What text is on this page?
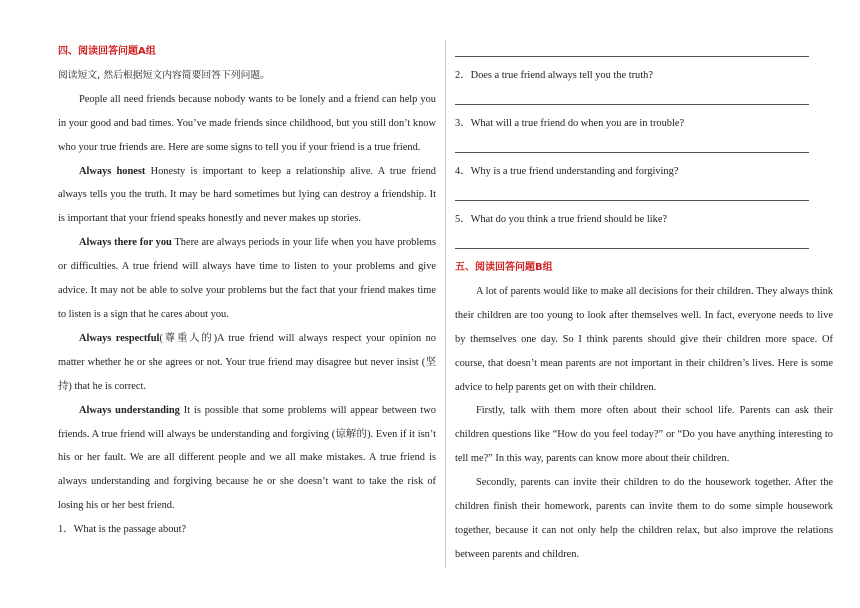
四、阅读回答问题A组

阅读短文, 然后根据短文内容简要回答下列问题。

People all need friends because nobody wants to be lonely and a friend can help you in your good and bad times. You’ve made friends since childhood, but you still don’t know who your true friends are. Here are some signs to tell you if your friend is a true friend.

Always honest Honesty is important to keep a relationship alive. A true friend always tells you the truth. It may be hard sometimes but lying can destroy a friendship. It is important that your friend speaks honestly and never makes up stories.

Always there for you There are always periods in your life when you have problems or difficulties. A true friend will always have time to listen to your problems and give advice. It may not be able to solve your problems but the fact that your friend makes time to listen is a sign that he cares about you.

Always respectful(尊重人的)A true friend will always respect your opinion no matter whether he or she agrees or not. Your true friend may disagree but never insist (坚持) that he is correct.

Always understanding It is possible that some problems will appear between two friends. A true friend will always be understanding and forgiving (谅解的). Even if it isn’t his or her fault. We are all different people and we all make mistakes. A true friend is always understanding and forgiving because he or she doesn’t want to take the risk of losing his or her best friend.

1．What is the passage about?

2．Does a true friend always tell you the truth?
3．What will a true friend do when you are in trouble?
4．Why is a true friend understanding and forgiving?
5．What do you think a true friend should be like?
五、阅读回答问题B组

A lot of parents would like to make all decisions for their children. They always think their children are too young to look after themselves well. In fact, everyone needs to live by themselves one day. So I think parents should give their children more space. Of course, that doesn’t mean parents are not important in their children’s lives. Here is some advice to help parents get on with their children.

Firstly, talk with them more often about their school life. Parents can ask their children questions like “How do you feel today?” or “Do you have anything interesting to tell me?” In this way, parents can know more about their children.

Secondly, parents can invite their children to do the housework together. After the children finish their homework, parents can invite them to do some simple housework together, because it can not only help the children relax, but also improve the relations between parents and children.
